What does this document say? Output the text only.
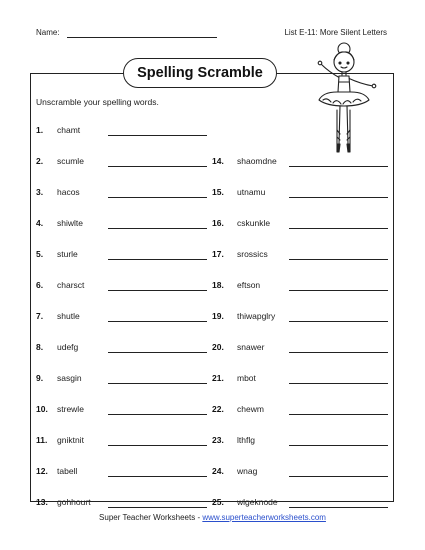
Name:	List E-11: More Silent Letters
Spelling Scramble
Unscramble your spelling words.
1. chamt
2. scumle
3. hacos
4. shiwlte
5. sturle
6. charsct
7. shutle
8. udefg
9. sasgin
10. strewle
11. gniktnit
12. tabell
13. gohhourt
14. shaomdne
15. utnamu
16. cskunkle
17. srossics
18. eftson
19. thiwapglry
20. snawer
21. mbot
22. chewm
23. lthflg
24. wnag
25. wlgeknode
Super Teacher Worksheets - www.superteacherworksheets.com
